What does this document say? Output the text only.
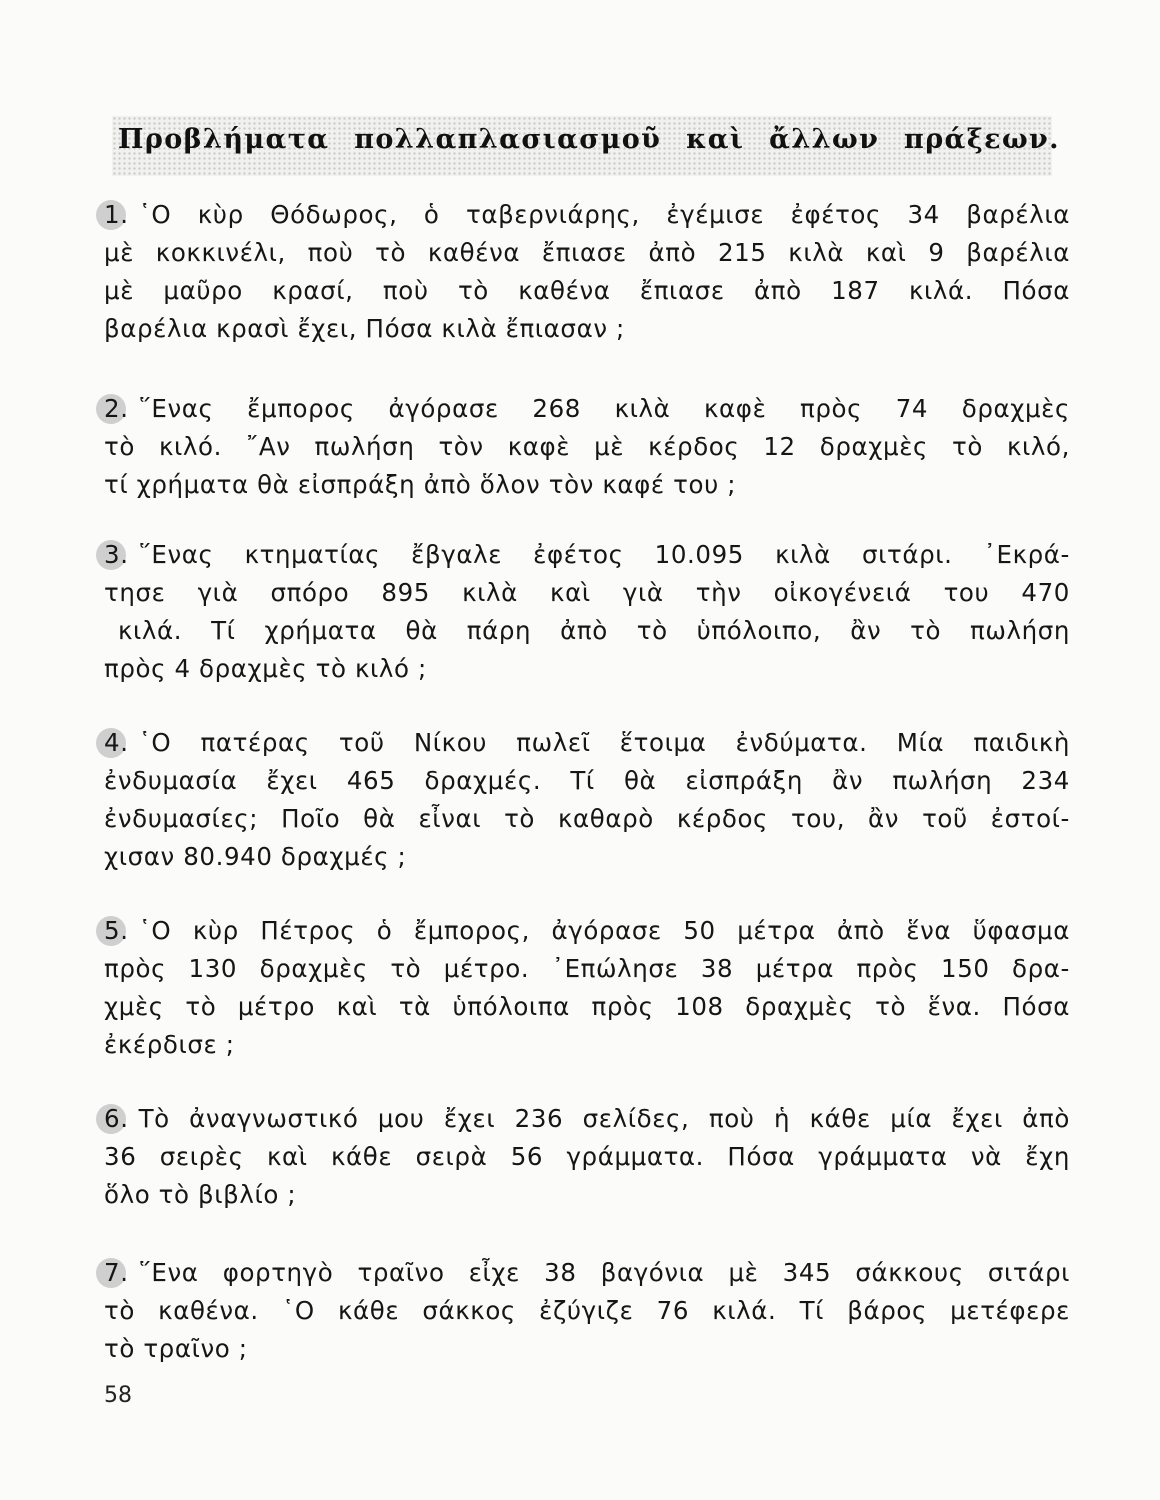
Προβλήματα πολλαπλασιασμοῦ καὶ ἄλλων πράξεων.
1. ῾Ο κὺρ Θόδωρος, ὁ ταβερνιάρης, ἐγέμισε ἐφέτος 34 βαρέλια
μὲ κοκκινέλι, ποὺ τὸ καθένα ἔπιασε ἀπὸ 215 κιλὰ καὶ 9 βαρέλια
μὲ μαῦρο κρασί, ποὺ τὸ καθένα ἔπιασε ἀπὸ 187 κιλά. Πόσα
βαρέλια κρασὶ ἔχει, Πόσα κιλὰ ἔπιασαν ;
2. ῞Ενας ἔμπορος ἀγόρασε 268 κιλὰ καφὲ πρὸς 74 δραχμὲς
τὸ κιλό. ῎Αν πωλήση τὸν καφὲ μὲ κέρδος 12 δραχμὲς τὸ κιλό,
τί χρήματα θὰ εἰσπράξη ἀπὸ ὅλον τὸν καφέ του ;
3. ῞Ενας κτηματίας ἔβγαλε ἐφέτος 10.095 κιλὰ σιτάρι. ᾿Εκρά-
τησε γιὰ σπόρο 895 κιλὰ καὶ γιὰ τὴν οἰκογένειά του 470
κιλά. Τί χρήματα θὰ πάρη ἀπὸ τὸ ὑπόλοιπο, ἂν τὸ πωλήση
πρὸς 4 δραχμὲς τὸ κιλό ;
4. ῾Ο πατέρας τοῦ Νίκου πωλεῖ ἕτοιμα ἐνδύματα. Μία παιδικὴ
ἐνδυμασία ἔχει 465 δραχμές. Τί θὰ εἰσπράξη ἂν πωλήση 234
ἐνδυμασίες; Ποῖο θὰ εἶναι τὸ καθαρὸ κέρδος του, ἂν τοῦ ἐστοί-
χισαν 80.940 δραχμές ;
5. ῾Ο κὺρ Πέτρος ὁ ἔμπορος, ἀγόρασε 50 μέτρα ἀπὸ ἕνα ὕφασμα
πρὸς 130 δραχμὲς τὸ μέτρο. ᾿Επώλησε 38 μέτρα πρὸς 150 δρα-
χμὲς τὸ μέτρο καὶ τὰ ὑπόλοιπα πρὸς 108 δραχμὲς τὸ ἕνα. Πόσα
ἐκέρδισε ;
6. Τὸ ἀναγνωστικό μου ἔχει 236 σελίδες, ποὺ ἡ κάθε μία ἔχει ἀπὸ
36 σειρὲς καὶ κάθε σειρὰ 56 γράμματα. Πόσα γράμματα νὰ ἔχη
ὅλο τὸ βιβλίο ;
7. ῞Ενα φορτηγὸ τραῖνο εἶχε 38 βαγόνια μὲ 345 σάκκους σιτάρι
τὸ καθένα. ῾Ο κάθε σάκκος ἐζύγιζε 76 κιλά. Τί βάρος μετέφερε
τὸ τραῖνο ;
58
